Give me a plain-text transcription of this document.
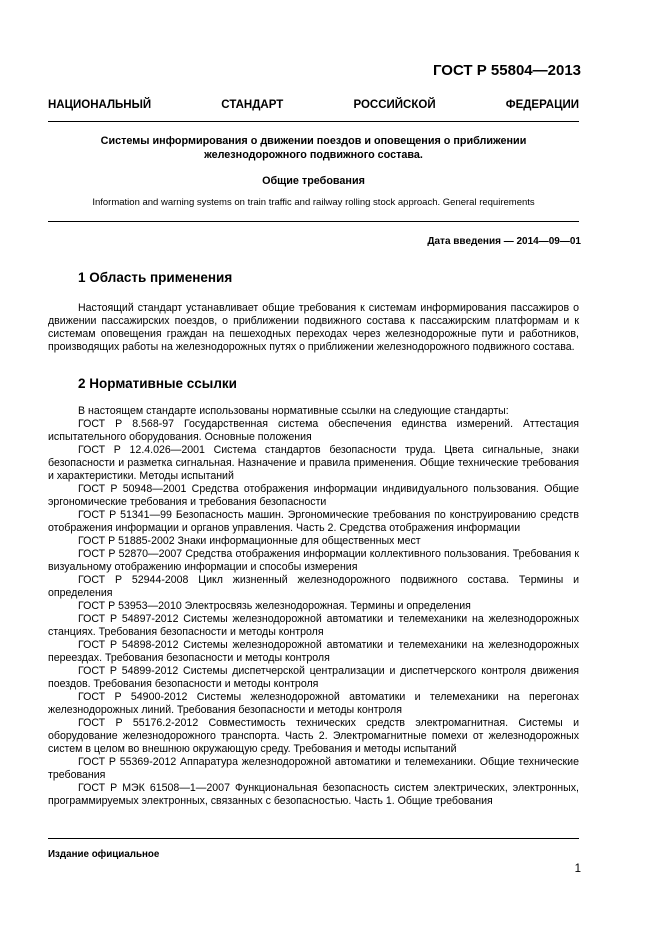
ГОСТ Р 55804—2013
НАЦИОНАЛЬНЫЙ СТАНДАРТ РОССИЙСКОЙ ФЕДЕРАЦИИ
Системы информирования о движении поездов и оповещения о приближении
железнодорожного подвижного состава.
Общие требования
Information and warning systems on train traffic and railway rolling stock approach. General requirements
Дата введения — 2014—09—01
1 Область применения
Настоящий стандарт устанавливает общие требования к системам информирования пассажиров о движении пассажирских поездов, о приближении подвижного состава к пассажирским платформам и к системам оповещения граждан на пешеходных переходах через железнодорожные пути и работников, производящих работы на железнодорожных путях о приближении железнодорожного подвижного состава.
2 Нормативные ссылки

В настоящем стандарте использованы нормативные ссылки на следующие стандарты:

ГОСТ Р 8.568-97 Государственная система обеспечения единства измерений. Аттестация испытательного оборудования. Основные положения

ГОСТ Р 12.4.026—2001 Система стандартов безопасности труда. Цвета сигнальные, знаки безопасности и разметка сигнальная. Назначение и правила применения. Общие технические требования и характеристики. Методы испытаний

ГОСТ Р 50948—2001 Средства отображения информации индивидуального пользования. Общие эргономические требования и требования безопасности

ГОСТ Р 51341—99 Безопасность машин. Эргономические требования по конструированию средств отображения информации и органов управления. Часть 2. Средства отображения информации

ГОСТ Р 51885-2002 Знаки информационные для общественных мест

ГОСТ Р 52870—2007 Средства отображения информации коллективного пользования. Требования к визуальному отображению информации и способы измерения

ГОСТ Р 52944-2008 Цикл жизненный железнодорожного подвижного состава. Термины и определения

ГОСТ Р 53953—2010 Электросвязь железнодорожная. Термины и определения

ГОСТ Р 54897-2012 Системы железнодорожной автоматики и телемеханики на железнодорожных станциях. Требования безопасности и методы контроля

ГОСТ Р 54898-2012 Системы железнодорожной автоматики и телемеханики на железнодорожных переездах. Требования безопасности и методы контроля

ГОСТ Р 54899-2012 Системы диспетчерской централизации и диспетчерского контроля движения поездов. Требования безопасности и методы контроля

ГОСТ Р 54900-2012 Системы железнодорожной автоматики и телемеханики на перегонах железнодорожных линий. Требования безопасности и методы контроля

ГОСТ Р 55176.2-2012 Совместимость технических средств электромагнитная. Системы и оборудование железнодорожного транспорта. Часть 2. Электромагнитные помехи от железнодорожных систем в целом во внешнюю окружающую среду. Требования и методы испытаний

ГОСТ Р 55369-2012 Аппаратура железнодорожной автоматики и телемеханики. Общие технические требования

ГОСТ Р МЭК 61508—1—2007 Функциональная безопасность систем электрических, электронных, программируемых электронных, связанных с безопасностью. Часть 1. Общие требования

Издание официальное
1
